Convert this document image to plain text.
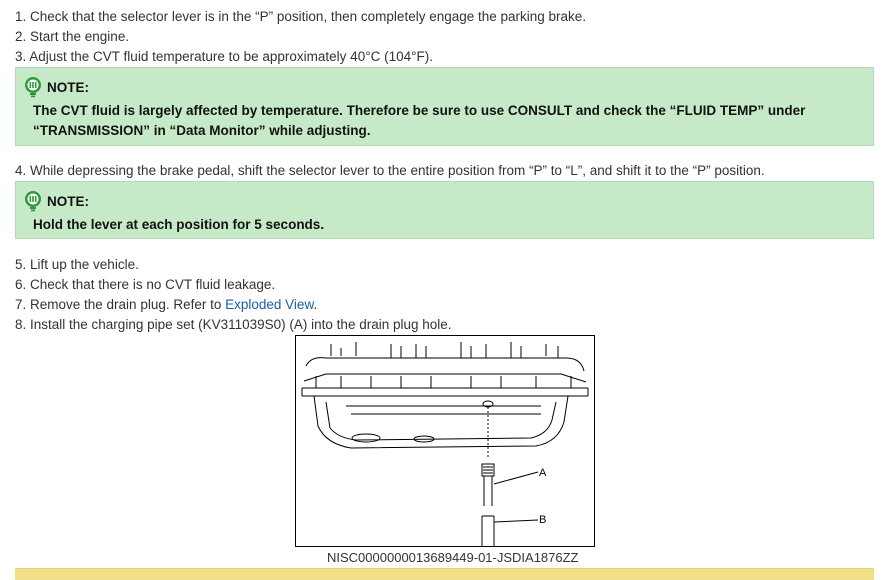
1. Check that the selector lever is in the “P” position, then completely engage the parking brake.
2. Start the engine.
3. Adjust the CVT fluid temperature to be approximately 40°C (104°F).
NOTE:
The CVT fluid is largely affected by temperature. Therefore be sure to use CONSULT and check the “FLUID TEMP” under
“TRANSMISSION” in “Data Monitor” while adjusting.
4. While depressing the brake pedal, shift the selector lever to the entire position from “P” to “L”, and shift it to the “P” position.
NOTE:
Hold the lever at each position for 5 seconds.
5. Lift up the vehicle.
6. Check that there is no CVT fluid leakage.
7. Remove the drain plug. Refer to Exploded View.
8. Install the charging pipe set (KV311039S0) (A) into the drain plug hole.
A
B
NISC0000000013689449-01-JSDIA1876ZZ
